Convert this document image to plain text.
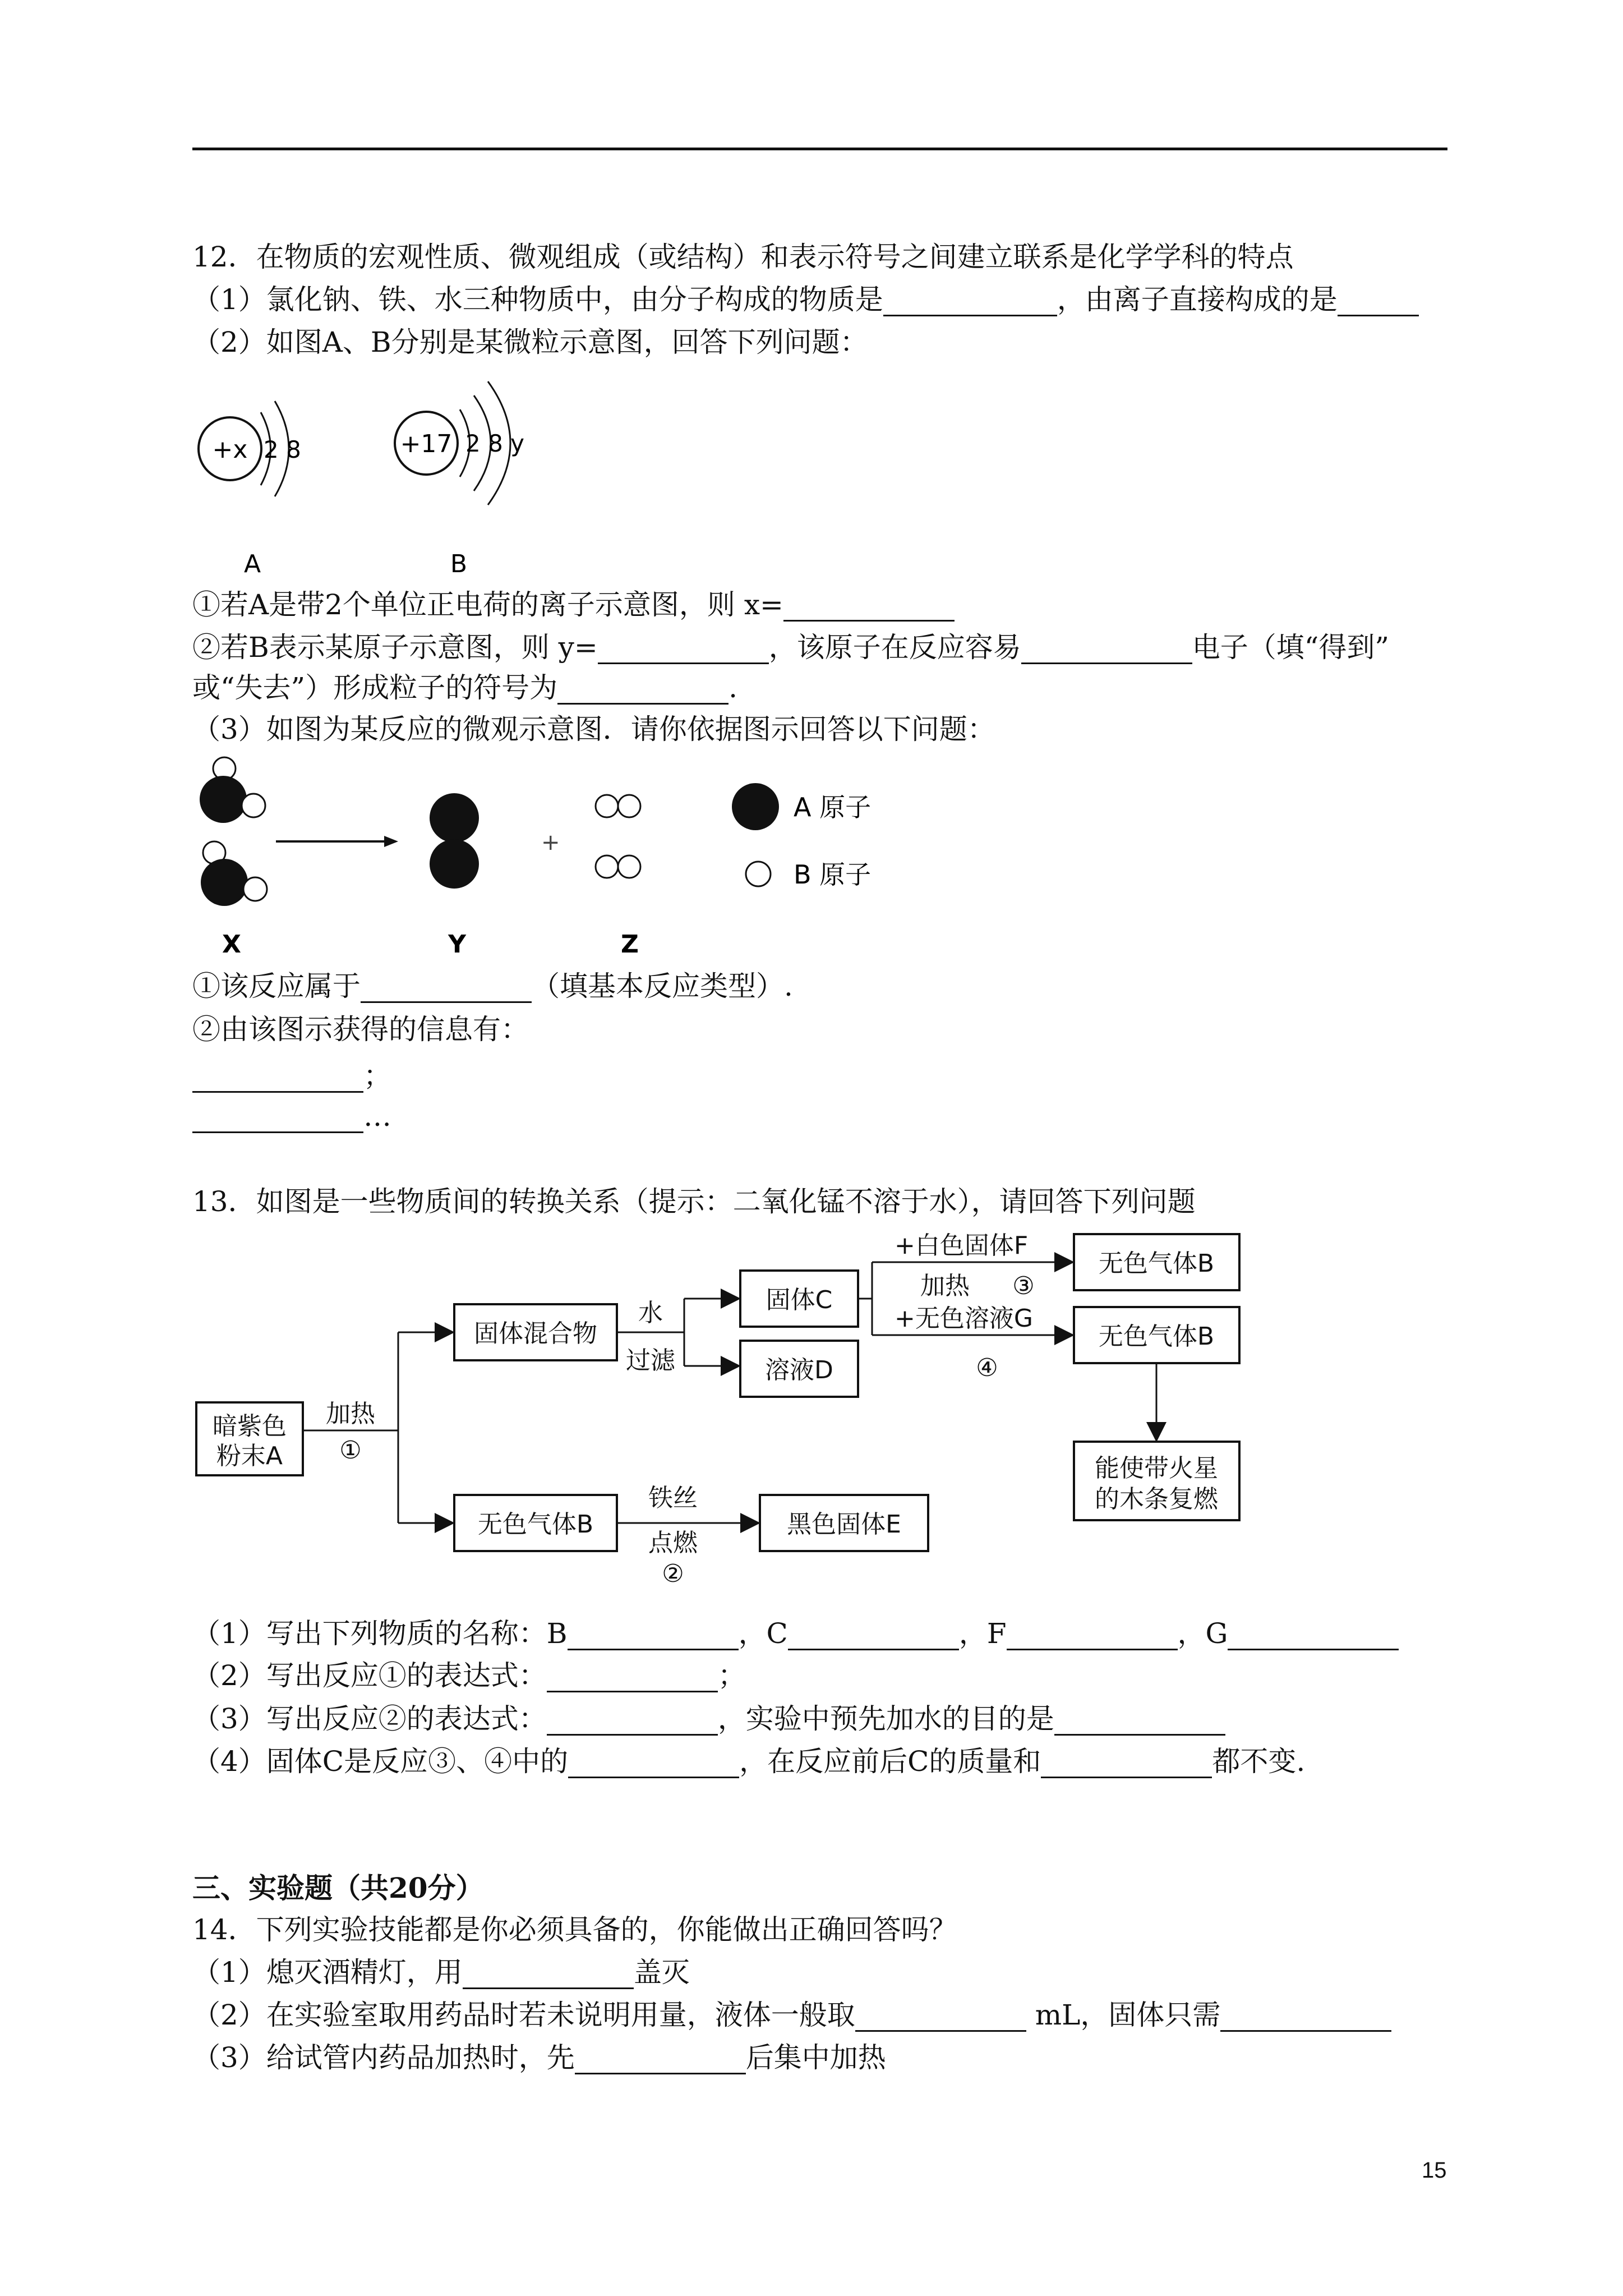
12．在物质的宏观性质、微观组成（或结构）和表示符号之间建立联系是化学学科的特点
（1）氯化钠、铁、水三种物质中，由分子构成的物质是	，由离子直接构成的是
（2）如图A、B分别是某微粒示意图，回答下列问题：
+x 2 8
A
+17 2 8 y
B
①若A是带2个单位正电荷的离子示意图，则 x=
②若B表示某原子示意图，则 y=	，该原子在反应容易	电子（填“得到”
或“失去”）形成粒子的符号为	.
（3）如图为某反应的微观示意图．请你依据图示回答以下问题：
+
A 原子
B 原子
X	Y	Z
①该反应属于	（填基本反应类型）.
②由该图示获得的信息有：
；
…
13．如图是一些物质间的转换关系（提示：二氧化锰不溶于水），请回答下列问题
暗紫色
粉末A
加热
①
固体混合物
水
过滤
固体C
溶液D
+白色固体F
加热 ③
+无色溶液G
④
无色气体B
无色气体B
能使带火星
的木条复燃
无色气体B
铁丝
点燃
②
黑色固体E
（1）写出下列物质的名称：B	，C	，F	，G
（2）写出反应①的表达式：	；
（3）写出反应②的表达式：	，实验中预先加水的目的是
（4）固体C是反应③、④中的	，在反应前后C的质量和	都不变.
三、实验题（共20分）
14．下列实验技能都是你必须具备的，你能做出正确回答吗？
（1）熄灭酒精灯，用	盖灭
（2）在实验室取用药品时若未说明用量，液体一般取	mL，固体只需
（3）给试管内药品加热时，先	后集中加热
15
